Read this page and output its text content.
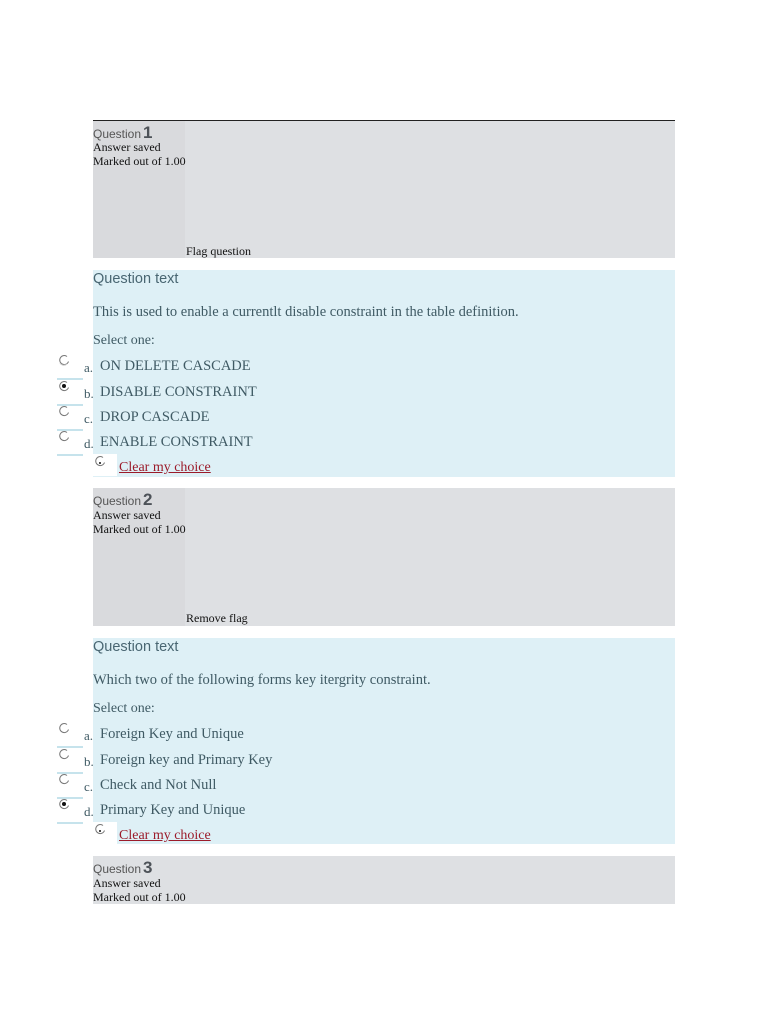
Question 1
Answer saved
Marked out of 1.00
Flag question
Question text
This is used to enable a currentlt disable constraint in the table definition.
Select one:
a. ON DELETE CASCADE
b. DISABLE CONSTRAINT
c. DROP CASCADE
d. ENABLE CONSTRAINT
Clear my choice
Question 2
Answer saved
Marked out of 1.00
Remove flag
Question text
Which two of the following forms key itergrity constraint.
Select one:
a. Foreign Key and Unique
b. Foreign key and Primary Key
c. Check and Not Null
d. Primary Key and Unique
Clear my choice
Question 3
Answer saved
Marked out of 1.00
